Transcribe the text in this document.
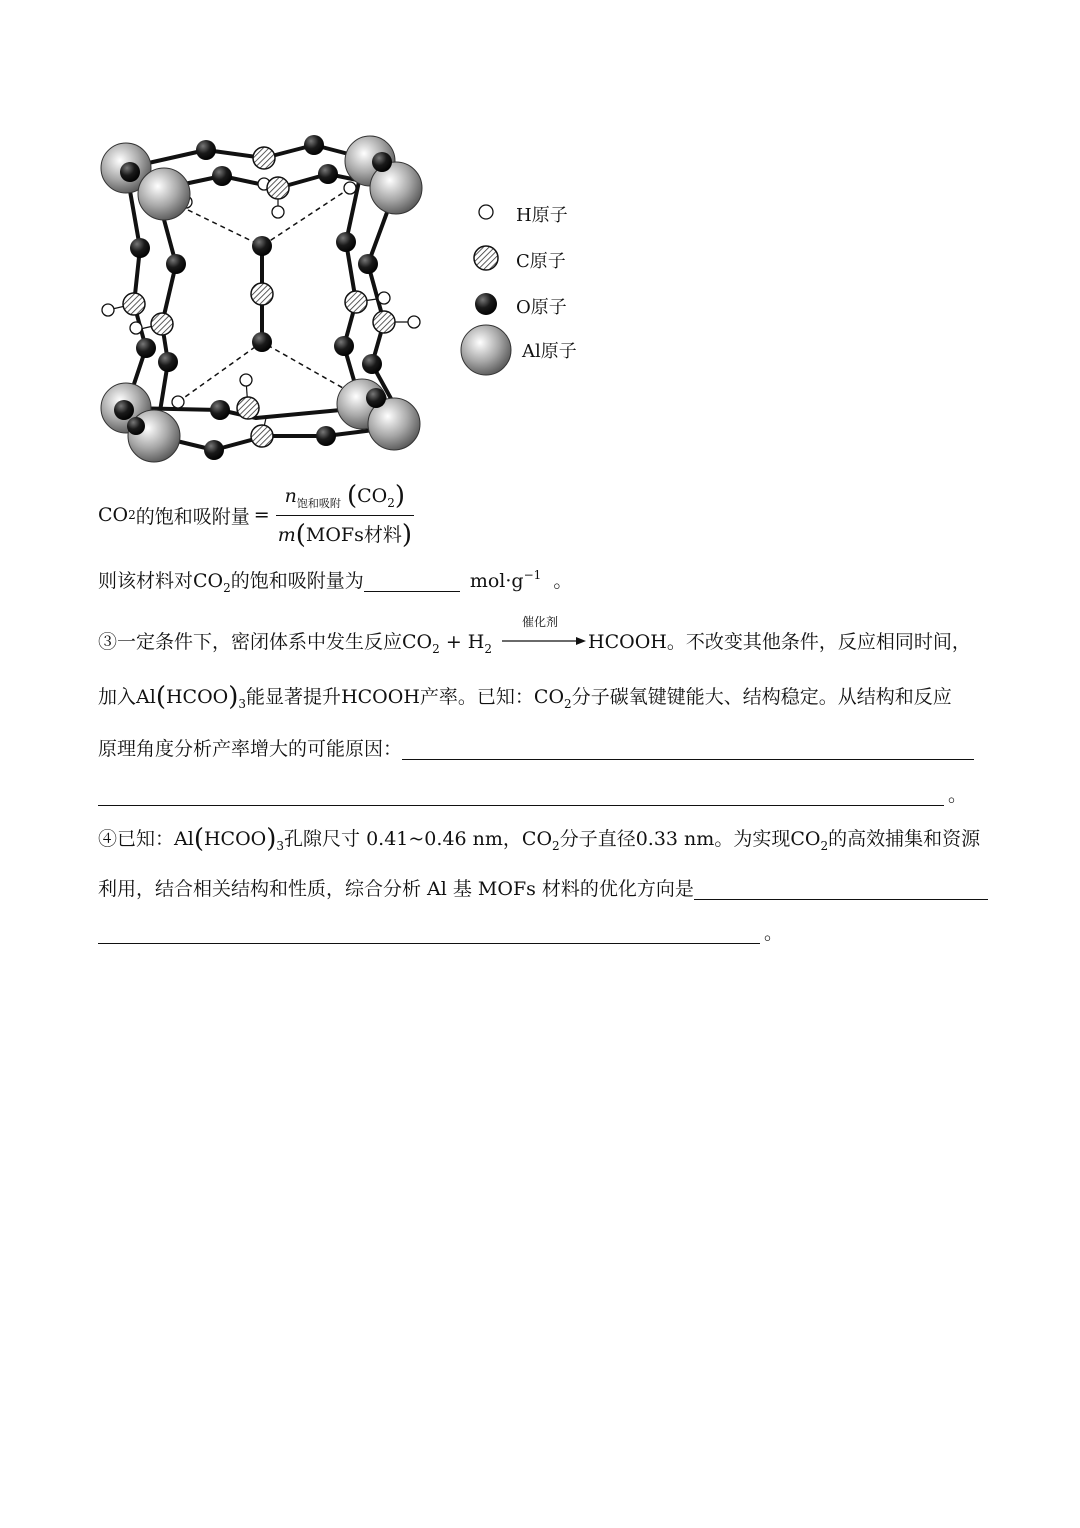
H原子
C原子
O原子
Al原子
CO 2 的饱和吸附量 = $\frac{n_{饱和吸附} (CO_2)}{\text{m(MOFs材料)}}$
则该材料对$CO_2$的饱和吸附量为	$mol\cdot g^{-1}$ 。
③一定条件下，密闭体系中发生反应$CO_2 + H_2$
催化剂
HCOOH。不改变其他条件，反应相同时间，
加入$Al(HCOO)_3$能显著提升HCOOH产率。已知：$CO_2$分子碳氧键键能大、结构稳定。从结构和反应
原理角度分析产率增大的可能原因：
。
④已知：$Al(HCOO)_3$孔隙尺寸 0.41~0.46 nm，$CO_2$分子直径0.33 nm。为实现$CO_2$的高效捕集和资源
利用，结合相关结构和性质，综合分析 Al 基 MOFs 材料的优化方向是
。
